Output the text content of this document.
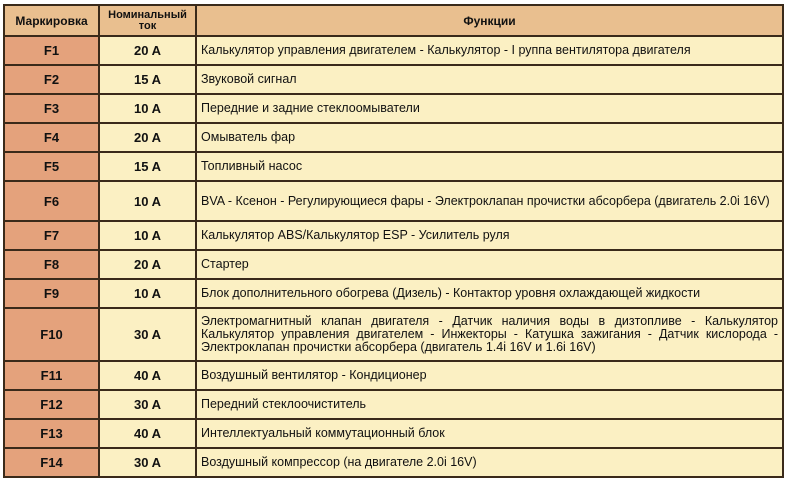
Маркировка	Номинальный ток	Функции
F1	20 A	Калькулятор управления двигателем - Калькулятор - I руппа вентилятора двигателя
F2	15 A	Звуковой сигнал
F3	10 A	Передние и задние стеклоомыватели
F4	20 A	Омыватель фар
F5	15 A	Топливный насос
F6	10 A	BVA - Ксенон - Регулирующиеся фары - Электроклапан прочистки абсорбера (двигатель 2.0i 16V)
F7	10 A	Калькулятор ABS/Калькулятор ESP - Усилитель руля
F8	20 A	Стартер
F9	10 A	Блок дополнительного обогрева (Дизель) - Контактор уровня охлаждающей жидкости
F10	30 A	Электромагнитный клапан двигателя - Датчик наличия воды в дизтопливе - Калькулятор Калькулятор управления двигателем - Инжекторы - Катушка зажигания - Датчик кислорода - Электроклапан прочистки абсорбера (двигатель 1.4i 16V и 1.6i 16V)
F11	40 A	Воздушный вентилятор - Кондиционер
F12	30 A	Передний стеклоочиститель
F13	40 A	Интеллектуальный коммутационный блок
F14	30 A	Воздушный компрессор (на двигателе 2.0i 16V)
